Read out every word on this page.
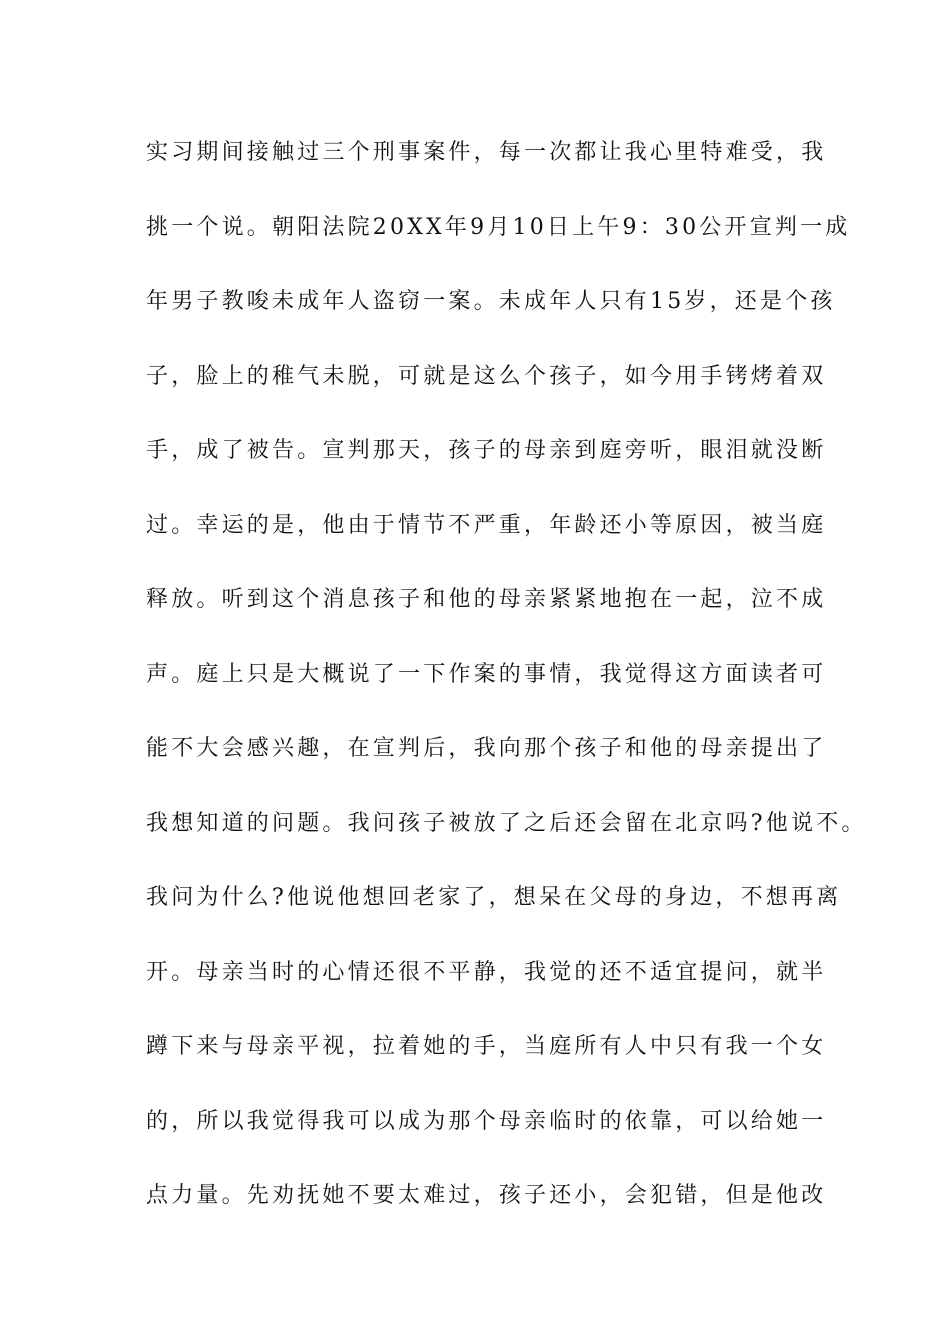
实习期间接触过三个刑事案件，每一次都让我心里特难受，我
挑一个说。朝阳法院20XX年9月10日上午9：30公开宣判一成
年男子教唆未成年人盗窃一案。未成年人只有15岁，还是个孩
子，脸上的稚气未脱，可就是这么个孩子，如今用手铐烤着双
手，成了被告。宣判那天，孩子的母亲到庭旁听，眼泪就没断
过。幸运的是，他由于情节不严重，年龄还小等原因，被当庭
释放。听到这个消息孩子和他的母亲紧紧地抱在一起，泣不成
声。庭上只是大概说了一下作案的事情，我觉得这方面读者可
能不大会感兴趣，在宣判后，我向那个孩子和他的母亲提出了
我想知道的问题。我问孩子被放了之后还会留在北京吗?他说不。
我问为什么?他说他想回老家了，想呆在父母的身边，不想再离
开。母亲当时的心情还很不平静，我觉的还不适宜提问，就半
蹲下来与母亲平视，拉着她的手，当庭所有人中只有我一个女
的，所以我觉得我可以成为那个母亲临时的依靠，可以给她一
点力量。先劝抚她不要太难过，孩子还小，会犯错，但是他改
